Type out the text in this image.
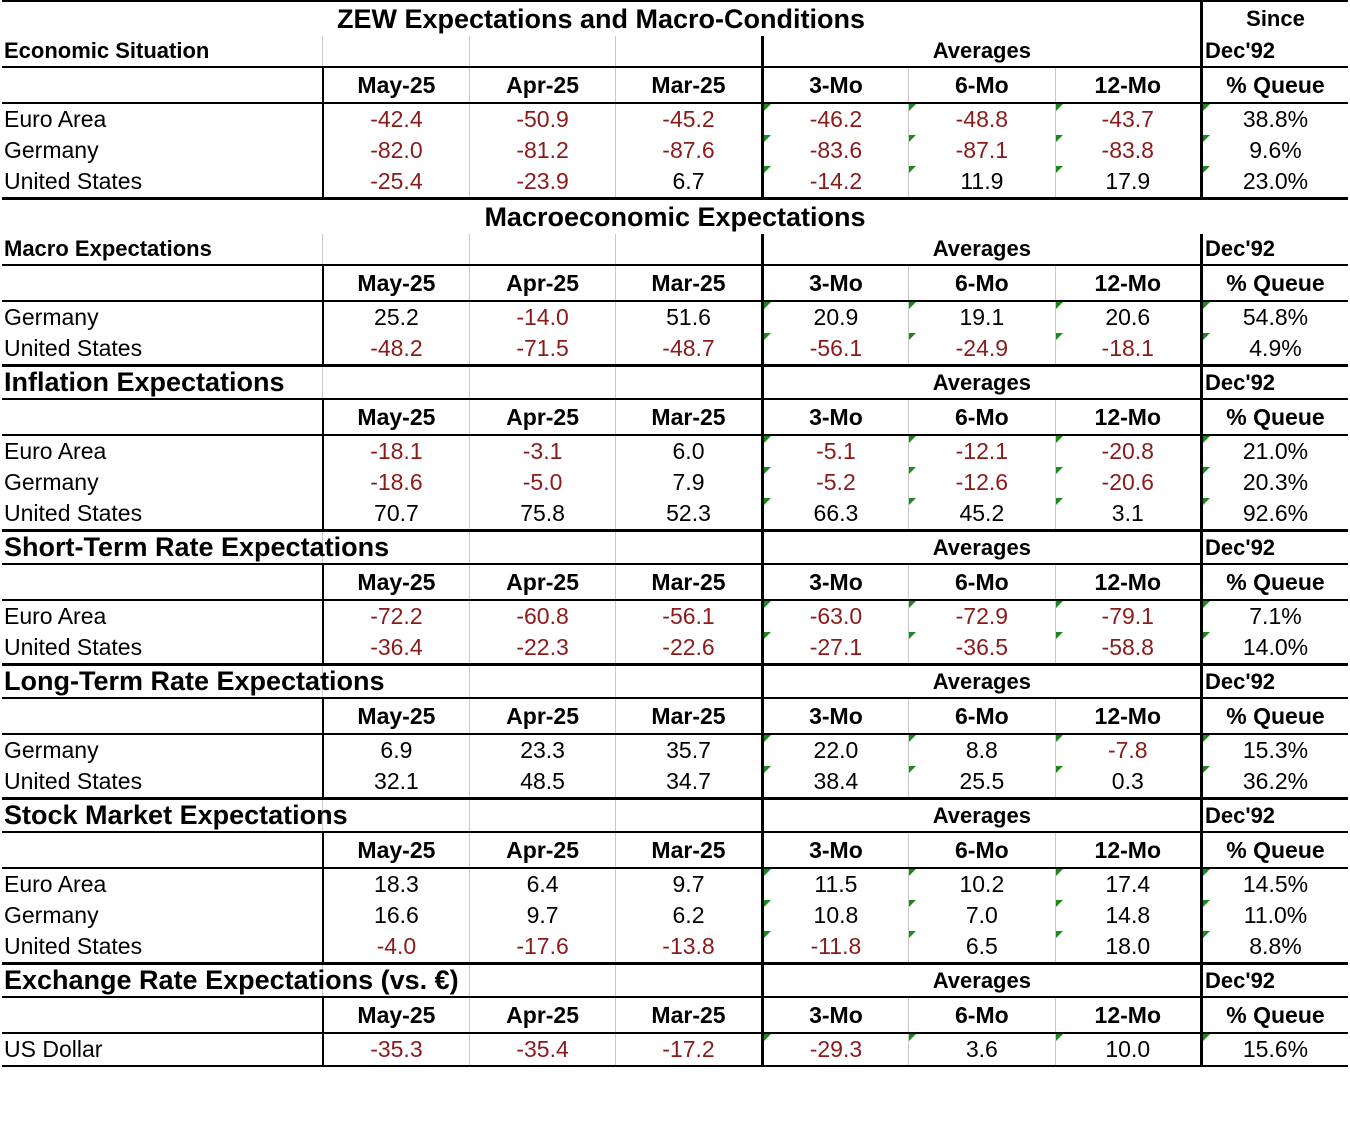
ZEW Expectations and Macro-Conditions							Since
Economic Situation				Averages			Dec'92
	May-25	Apr-25	Mar-25	3-Mo	6-Mo	12-Mo	% Queue
Euro Area	-42.4	-50.9	-45.2	-46.2	-48.8	-43.7	38.8%
Germany	-82.0	-81.2	-87.6	-83.6	-87.1	-83.8	9.6%
United States	-25.4	-23.9	6.7	-14.2	11.9	17.9	23.0%
Macroeconomic Expectations							
Macro Expectations				Averages			Dec'92
	May-25	Apr-25	Mar-25	3-Mo	6-Mo	12-Mo	% Queue
Germany	25.2	-14.0	51.6	20.9	19.1	20.6	54.8%
United States	-48.2	-71.5	-48.7	-56.1	-24.9	-18.1	4.9%
Inflation Expectations				Averages			Dec'92
	May-25	Apr-25	Mar-25	3-Mo	6-Mo	12-Mo	% Queue
Euro Area	-18.1	-3.1	6.0	-5.1	-12.1	-20.8	21.0%
Germany	-18.6	-5.0	7.9	-5.2	-12.6	-20.6	20.3%
United States	70.7	75.8	52.3	66.3	45.2	3.1	92.6%
Short-Term Rate Expectations				Averages			Dec'92
	May-25	Apr-25	Mar-25	3-Mo	6-Mo	12-Mo	% Queue
Euro Area	-72.2	-60.8	-56.1	-63.0	-72.9	-79.1	7.1%
United States	-36.4	-22.3	-22.6	-27.1	-36.5	-58.8	14.0%
Long-Term Rate Expectations				Averages			Dec'92
	May-25	Apr-25	Mar-25	3-Mo	6-Mo	12-Mo	% Queue
Germany	6.9	23.3	35.7	22.0	8.8	-7.8	15.3%
United States	32.1	48.5	34.7	38.4	25.5	0.3	36.2%
Stock Market Expectations				Averages			Dec'92
	May-25	Apr-25	Mar-25	3-Mo	6-Mo	12-Mo	% Queue
Euro Area	18.3	6.4	9.7	11.5	10.2	17.4	14.5%
Germany	16.6	9.7	6.2	10.8	7.0	14.8	11.0%
United States	-4.0	-17.6	-13.8	-11.8	6.5	18.0	8.8%
Exchange Rate Expectations (vs. €)				Averages			Dec'92
	May-25	Apr-25	Mar-25	3-Mo	6-Mo	12-Mo	% Queue
US Dollar	-35.3	-35.4	-17.2	-29.3	3.6	10.0	15.6%
